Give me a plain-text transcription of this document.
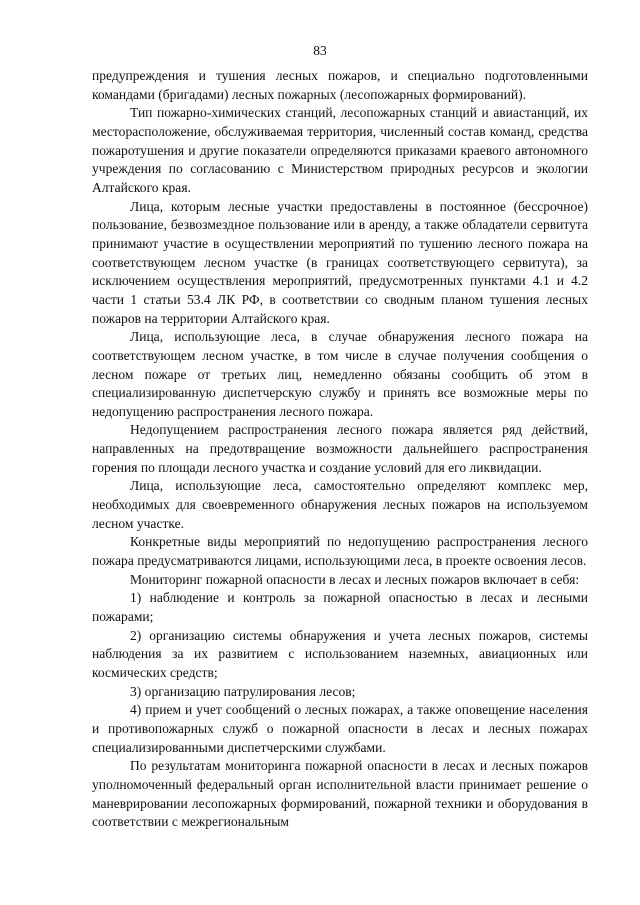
83

предупреждения и тушения лесных пожаров, и специально подготовленными командами (бригадами) лесных пожарных (лесопожарных формирований).

Тип пожарно-химических станций, лесопожарных станций и авиастанций, их месторасположение, обслуживаемая территория, численный состав команд, средства пожаротушения и другие показатели определяются приказами краевого автономного учреждения по согласованию с Министерством природных ресурсов и экологии Алтайского края.

Лица, которым лесные участки предоставлены в постоянное (бессрочное) пользование, безвозмездное пользование или в аренду, а также обладатели сервитута принимают участие в осуществлении мероприятий по тушению лесного пожара на соответствующем лесном участке (в границах соответствующего сервитута), за исключением осуществления мероприятий, предусмотренных пунктами 4.1 и 4.2 части 1 статьи 53.4 ЛК РФ, в соответствии со сводным планом тушения лесных пожаров на территории Алтайского края.

Лица, использующие леса, в случае обнаружения лесного пожара на соответствующем лесном участке, в том числе в случае получения сообщения о лесном пожаре от третьих лиц, немедленно обязаны сообщить об этом в специализированную диспетчерскую службу и принять все возможные меры по недопущению распространения лесного пожара.

Недопущением распространения лесного пожара является ряд действий, направленных на предотвращение возможности дальнейшего распространения горения по площади лесного участка и создание условий для его ликвидации.

Лица, использующие леса, самостоятельно определяют комплекс мер, необходимых для своевременного обнаружения лесных пожаров на используемом лесном участке.

Конкретные виды мероприятий по недопущению распространения лесного пожара предусматриваются лицами, использующими леса, в проекте освоения лесов.

Мониторинг пожарной опасности в лесах и лесных пожаров включает в себя:

1) наблюдение и контроль за пожарной опасностью в лесах и лесными пожарами;

2) организацию системы обнаружения и учета лесных пожаров, системы наблюдения за их развитием с использованием наземных, авиационных или космических средств;

3) организацию патрулирования лесов;

4) прием и учет сообщений о лесных пожарах, а также оповещение населения и противопожарных служб о пожарной опасности в лесах и лесных пожарах специализированными диспетчерскими службами.

По результатам мониторинга пожарной опасности в лесах и лесных пожаров уполномоченный федеральный орган исполнительной власти принимает решение о маневрировании лесопожарных формирований, пожарной техники и оборудования в соответствии с межрегиональным
